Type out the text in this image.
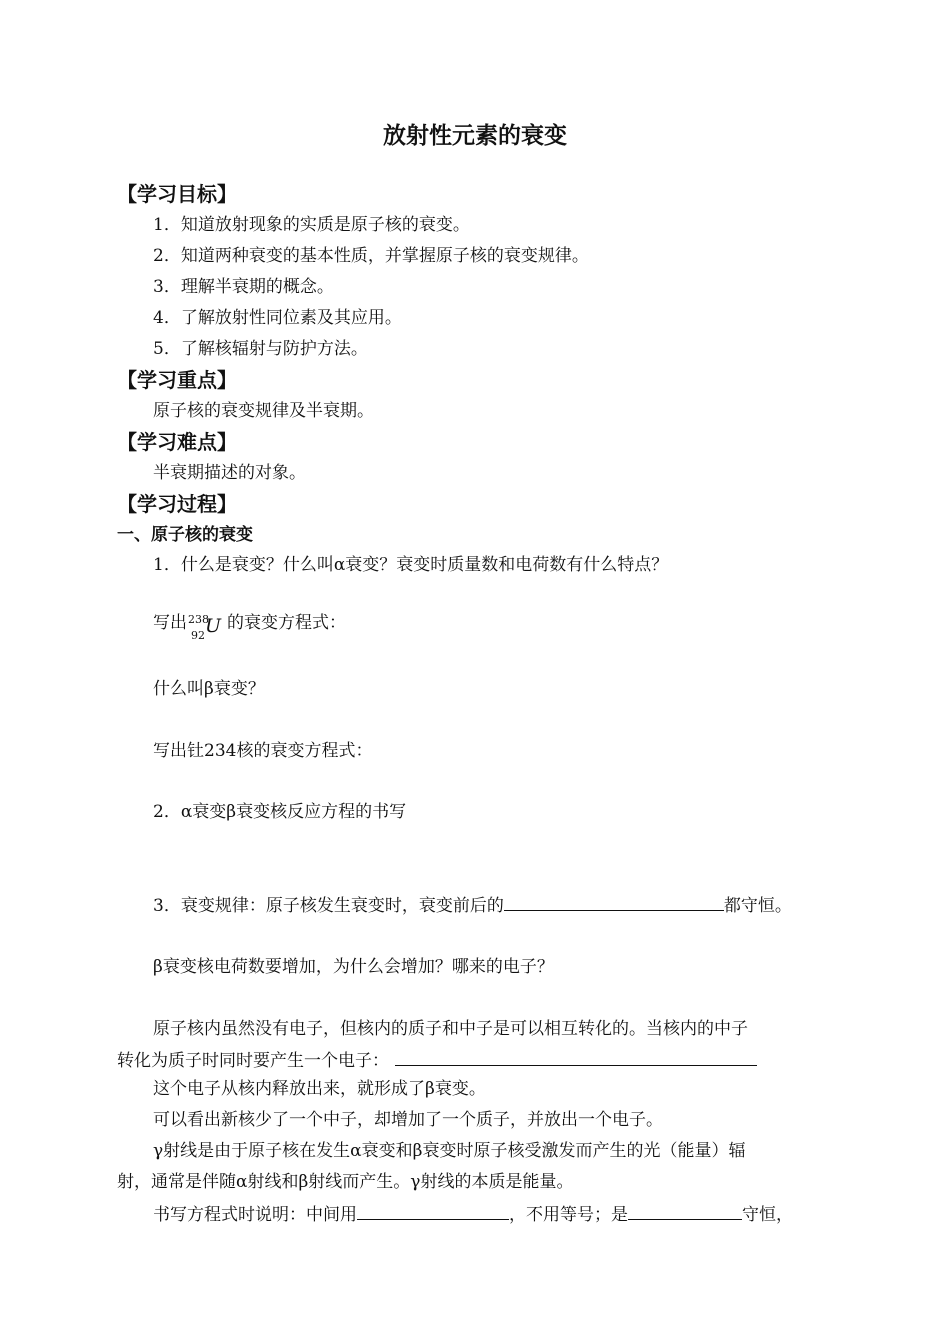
放射性元素的衰变
【学习目标】
1．知道放射现象的实质是原子核的衰变。
2．知道两种衰变的基本性质，并掌握原子核的衰变规律。
3．理解半衰期的概念。
4．了解放射性同位素及其应用。
5．了解核辐射与防护方法。
【学习重点】
原子核的衰变规律及半衰期。
【学习难点】
半衰期描述的对象。
【学习过程】
一、原子核的衰变
1．什么是衰变？什么叫α衰变？衰变时质量数和电荷数有什么特点？
写出 238
92 U 的衰变方程式：
什么叫β衰变？
写出钍234核的衰变方程式：
2．α衰变β衰变核反应方程的书写
3．衰变规律：原子核发生衰变时，衰变前后的	都守恒。
β衰变核电荷数要增加，为什么会增加？哪来的电子？
原子核内虽然没有电子，但核内的质子和中子是可以相互转化的。当核内的中子
转化为质子时同时要产生一个电子：
这个电子从核内释放出来，就形成了β衰变。
可以看出新核少了一个中子，却增加了一个质子，并放出一个电子。
γ射线是由于原子核在发生α衰变和β衰变时原子核受激发而产生的光（能量）辐
射，通常是伴随α射线和β射线而产生。γ射线的本质是能量。
书写方程式时说明：中间用	，不用等号；是	守恒，
